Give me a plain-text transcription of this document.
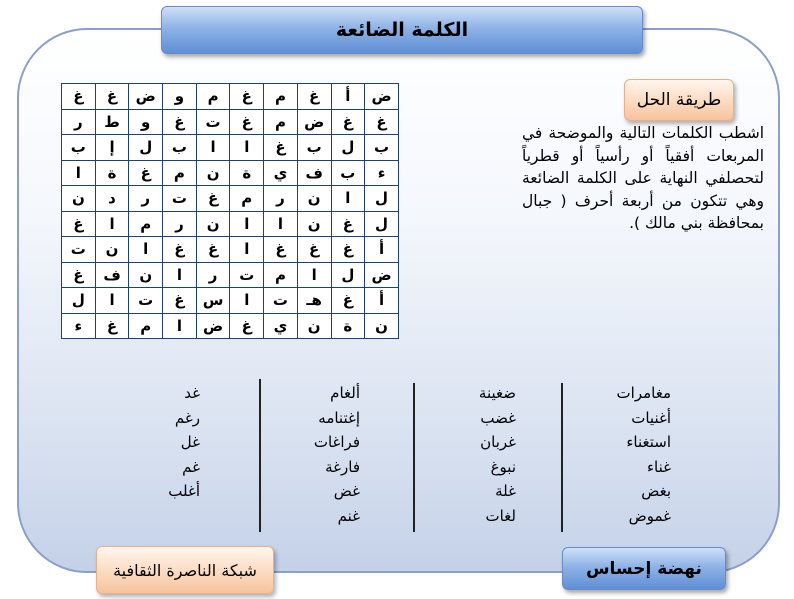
الكلمة الضائعة
طريقة الحل
اشطب الكلمات التالية والموضحة في المربعات أفقياً أو رأسياً أو قطرياً لتحصلفي النهاية على الكلمة الضائعة وهي تتكون من أربعة أحرف ( جبال بمحافظة بني مالك ).
غ	غ	ض	و	م	غ	م	غ	أ	ض
ر	ط	و	غ	ت	غ	م	ض	غ	غ
ب	إ	ل	ب	ا	ا	غ	ب	ل	ب
ا	ة	غ	م	ن	ة	ي	ف	ب	ء
ن	د	ر	ت	غ	م	ر	ن	ا	ل
غ	ا	م	ر	ن	ا	ا	ن	غ	ل
ت	ن	ا	غ	غ	ا	غ	غ	غ	أ
غ	ف	ن	ا	ر	ت	م	ا	ل	ض
ل	ا	ت	غ	س	ا	ت	هـ	غ	أ
ء	غ	م	ا	ض	غ	ي	ن	ة	ن
مغامرات
أغنيات
استغناء
غناء
بغض
غموض
ضغينة
غضب
غربان
نبوغ
غلة
لغات
ألغام
إغتنامه
فراغات
فارغة
غض
غنم
غد
رغم
غل
غم
أغلب
شبكة الناصرة الثقافية	نهضة إحساس
